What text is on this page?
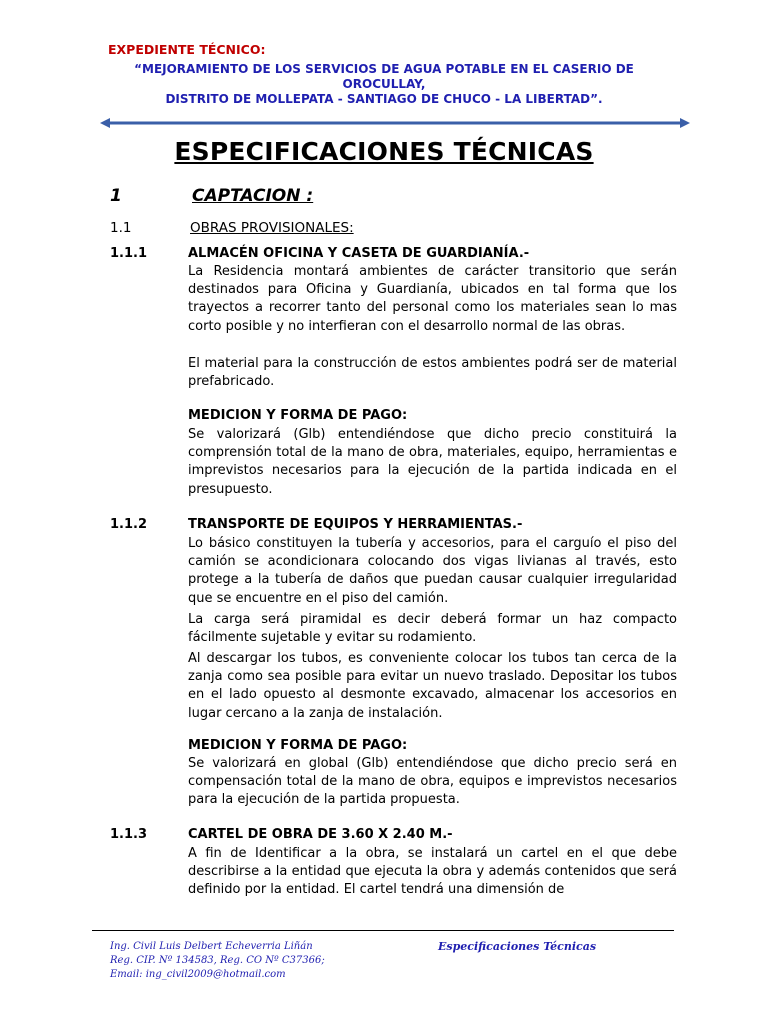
EXPEDIENTE TÉCNICO:
“MEJORAMIENTO DE LOS SERVICIOS DE AGUA POTABLE EN EL CASERIO DE OROCULLAY,
DISTRITO DE MOLLEPATA - SANTIAGO DE CHUCO - LA LIBERTAD”.
ESPECIFICACIONES TÉCNICAS
1	CAPTACION :
1.1	OBRAS PROVISIONALES:
1.1.1	ALMACÉN OFICINA Y CASETA DE GUARDIANÍA.-
La Residencia montará ambientes de carácter transitorio que serán destinados para Oficina y Guardianía, ubicados en tal forma que los trayectos a recorrer tanto del personal como los materiales sean lo mas corto posible y no interfieran con el desarrollo normal de las obras.
El material para la construcción de estos ambientes podrá ser de material prefabricado.
MEDICION Y FORMA DE PAGO:
Se valorizará (Glb) entendiéndose que dicho precio constituirá la comprensión total de la mano de obra, materiales, equipo, herramientas e imprevistos necesarios para la ejecución de la partida indicada en el presupuesto.
1.1.2	TRANSPORTE DE EQUIPOS Y HERRAMIENTAS.-
Lo básico constituyen la tubería y accesorios, para el carguío el piso del camión se acondicionara colocando dos vigas livianas al través, esto protege a la tubería de daños que puedan causar cualquier irregularidad que se encuentre en el piso del camión.
La carga será piramidal es decir deberá formar un haz compacto fácilmente sujetable y evitar su rodamiento.
Al descargar los tubos, es conveniente colocar los tubos tan cerca de la zanja como sea posible para evitar un nuevo traslado. Depositar los tubos en el lado opuesto al desmonte excavado, almacenar los accesorios en lugar cercano a la zanja de instalación.
MEDICION Y FORMA DE PAGO:
Se valorizará en global (Glb) entendiéndose que dicho precio será en compensación total de la mano de obra, equipos e imprevistos necesarios para la ejecución de la partida propuesta.
1.1.3	CARTEL DE OBRA DE 3.60 X 2.40 M.-
A fin de Identificar a la obra, se instalará un cartel en el que debe describirse a la entidad que ejecuta la obra y además contenidos que será definido por la entidad. El cartel tendrá una dimensión de
Ing. Civil Luis Delbert Echeverria Liñán
Reg. CIP. Nº 134583, Reg. CO Nº C37366;
Email: ing_civil2009@hotmail.com
Especificaciones Técnicas
